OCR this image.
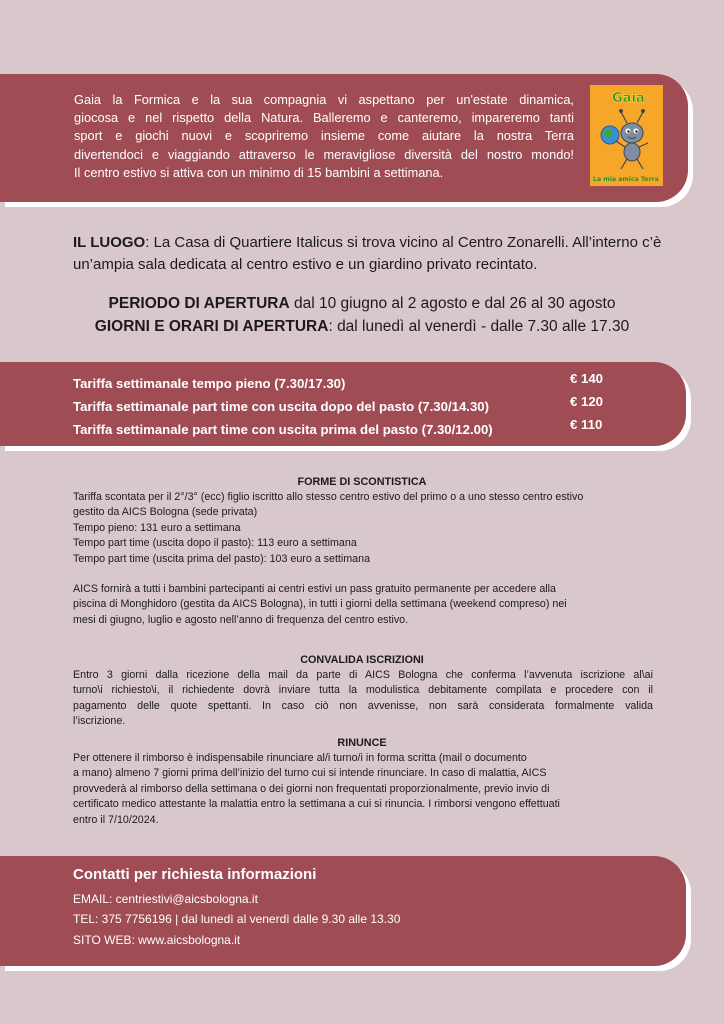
Gaia la Formica e la sua compagnia vi aspettano per un'estate dinamica,
giocosa e nel rispetto della Natura. Balleremo e canteremo, impareremo tanti
sport e giochi nuovi e scopriremo insieme come aiutare la nostra Terra
divertendoci e viaggiando attraverso le meravigliose diversità del nostro mondo!
Il centro estivo si attiva con un minimo di 15 bambini a settimana.
Gaia
La mia amica Terra
IL LUOGO: La Casa di Quartiere Italicus si trova vicino al Centro Zonarelli. All’interno c’è un’ampia sala dedicata al centro estivo e un giardino privato recintato.
PERIODO DI APERTURA dal 10 giugno al 2 agosto e dal 26 al 30 agosto
GIORNI E ORARI DI APERTURA: dal lunedì al venerdì - dalle 7.30 alle 17.30
Tariffa settimanale tempo pieno (7.30/17.30)	€ 140
Tariffa settimanale part time con uscita dopo del pasto (7.30/14.30)	€ 120
Tariffa settimanale part time con uscita prima del pasto (7.30/12.00)	€ 110
FORME DI SCONTISTICA
Tariffa scontata per il 2°/3° (ecc) figlio iscritto allo stesso centro estivo del primo o a uno stesso centro estivo
gestito da AICS Bologna (sede privata)
Tempo pieno: 131 euro a settimana
Tempo part time (uscita dopo il pasto): 113 euro a settimana
Tempo part time (uscita prima del pasto): 103 euro a settimana
AICS fornirà a tutti i bambini partecipanti ai centri estivi un pass gratuito permanente per accedere alla
piscina di Monghidoro (gestita da AICS Bologna), in tutti i giorni della settimana (weekend compreso) nei
mesi di giugno, luglio e agosto nell’anno di frequenza del centro estivo.
CONVALIDA ISCRIZIONI
Entro 3 giorni dalla ricezione della mail da parte di AICS Bologna che conferma l’avvenuta iscrizione al\ai
turno\i richiesto\i, il richiedente dovrà inviare tutta la modulistica debitamente compilata e procedere con il
pagamento delle quote spettanti. In caso ciò non avvenisse, non sarà considerata formalmente valida
l’iscrizione.
RINUNCE
Per ottenere il rimborso è indispensabile rinunciare al/i turno/i in forma scritta (mail o documento
a mano) almeno 7 giorni prima dell’inizio del turno cui si intende rinunciare. In caso di malattia, AICS
provvederà al rimborso della settimana o dei giorni non frequentati proporzionalmente, previo invio di
certificato medico attestante la malattia entro la settimana a cui si rinuncia. I rimborsi vengono effettuati
entro il 7/10/2024.
Contatti per richiesta informazioni
EMAIL: centriestivi@aicsbologna.it
TEL: 375 7756196 | dal lunedì al venerdì dalle 9.30 alle 13.30
SITO WEB: www.aicsbologna.it
